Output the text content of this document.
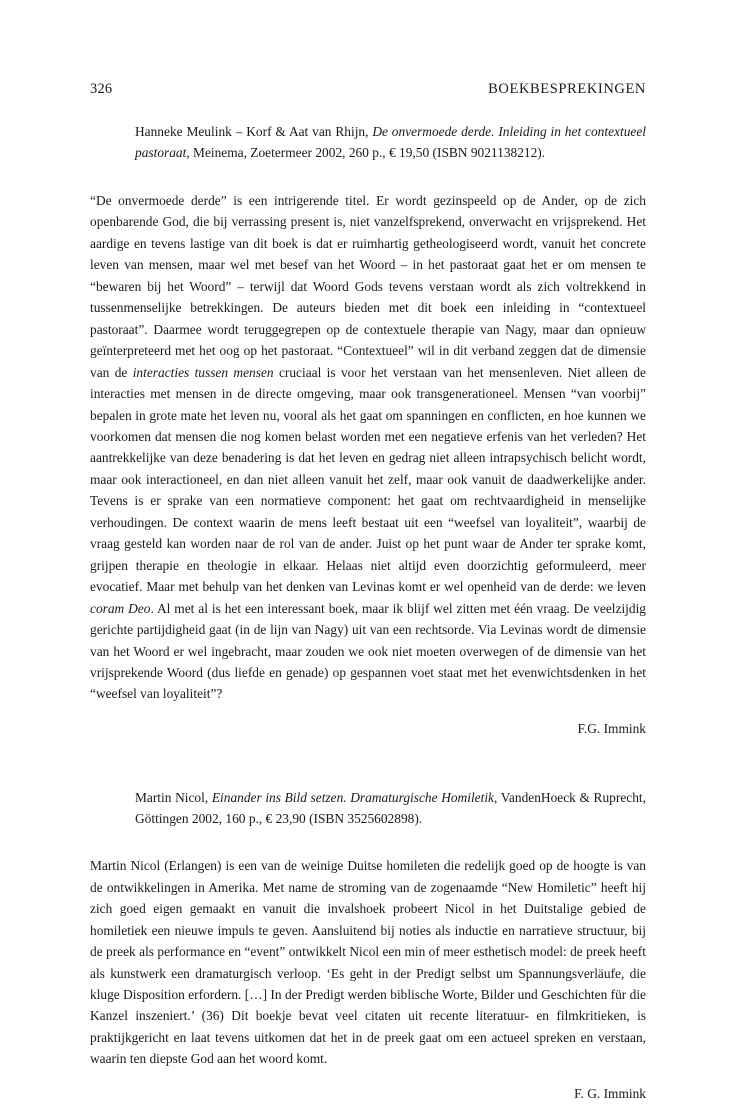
326	BOEKBESPREKINGEN

Hanneke Meulink – Korf & Aat van Rhijn, De onvermoede derde. Inleiding in het contextueel pastoraat, Meinema, Zoetermeer 2002, 260 p., € 19,50 (ISBN 9021138212).

“De onvermoede derde” is een intrigerende titel. Er wordt gezinspeeld op de Ander, op de zich openbarende God, die bij verrassing present is, niet vanzelfsprekend, onverwacht en vrijsprekend. Het aardige en tevens lastige van dit boek is dat er ruimhartig getheologiseerd wordt, vanuit het concrete leven van mensen, maar wel met besef van het Woord – in het pastoraat gaat het er om mensen te “bewaren bij het Woord” – terwijl dat Woord Gods tevens verstaan wordt als zich voltrekkend in tussenmenselijke betrekkingen. De auteurs bieden met dit boek een inleiding in “contextueel pastoraat”. Daarmee wordt teruggegrepen op de contextuele therapie van Nagy, maar dan opnieuw geïnterpreteerd met het oog op het pastoraat. “Contextueel” wil in dit verband zeggen dat de dimensie van de interacties tussen mensen cruciaal is voor het verstaan van het mensenleven. Niet alleen de interacties met mensen in de directe omgeving, maar ook transgenerationeel. Mensen “van voorbij” bepalen in grote mate het leven nu, vooral als het gaat om spanningen en conflicten, en hoe kunnen we voorkomen dat mensen die nog komen belast worden met een negatieve erfenis van het verleden? Het aantrekkelijke van deze benadering is dat het leven en gedrag niet alleen intrapsychisch belicht wordt, maar ook interactioneel, en dan niet alleen vanuit het zelf, maar ook vanuit de daadwerkelijke ander. Tevens is er sprake van een normatieve component: het gaat om rechtvaardigheid in menselijke verhoudingen. De context waarin de mens leeft bestaat uit een “weefsel van loyaliteit”, waarbij de vraag gesteld kan worden naar de rol van de ander. Juist op het punt waar de Ander ter sprake komt, grijpen therapie en theologie in elkaar. Helaas niet altijd even doorzichtig geformuleerd, meer evocatief. Maar met behulp van het denken van Levinas komt er wel openheid van de derde: we leven coram Deo. Al met al is het een interessant boek, maar ik blijf wel zitten met één vraag. De veelzijdig gerichte partijdigheid gaat (in de lijn van Nagy) uit van een rechtsorde. Via Levinas wordt de dimensie van het Woord er wel ingebracht, maar zouden we ook niet moeten overwegen of de dimensie van het vrijsprekende Woord (dus liefde en genade) op gespannen voet staat met het evenwichtsdenken in het “weefsel van loyaliteit”?

F.G. Immink

Martin Nicol, Einander ins Bild setzen. Dramaturgische Homiletik, VandenHoeck & Ruprecht, Göttingen 2002, 160 p., € 23,90 (ISBN 3525602898).

Martin Nicol (Erlangen) is een van de weinige Duitse homileten die redelijk goed op de hoogte is van de ontwikkelingen in Amerika. Met name de stroming van de zogenaamde “New Homiletic” heeft hij zich goed eigen gemaakt en vanuit die invalshoek probeert Nicol in het Duitstalige gebied de homiletiek een nieuwe impuls te geven. Aansluitend bij noties als inductie en narratieve structuur, bij de preek als performance en “event” ontwikkelt Nicol een min of meer esthetisch model: de preek heeft als kunstwerk een dramaturgisch verloop. ‘Es geht in der Predigt selbst um Spannungsverläufe, die kluge Disposition erfordern. […] In der Predigt werden biblische Worte, Bilder und Geschichten für die Kanzel inszeniert.’ (36) Dit boekje bevat veel citaten uit recente literatuur- en filmkritieken, is praktijkgericht en laat tevens uitkomen dat het in de preek gaat om een actueel spreken en verstaan, waarin ten diepste God aan het woord komt.

F. G. Immink
